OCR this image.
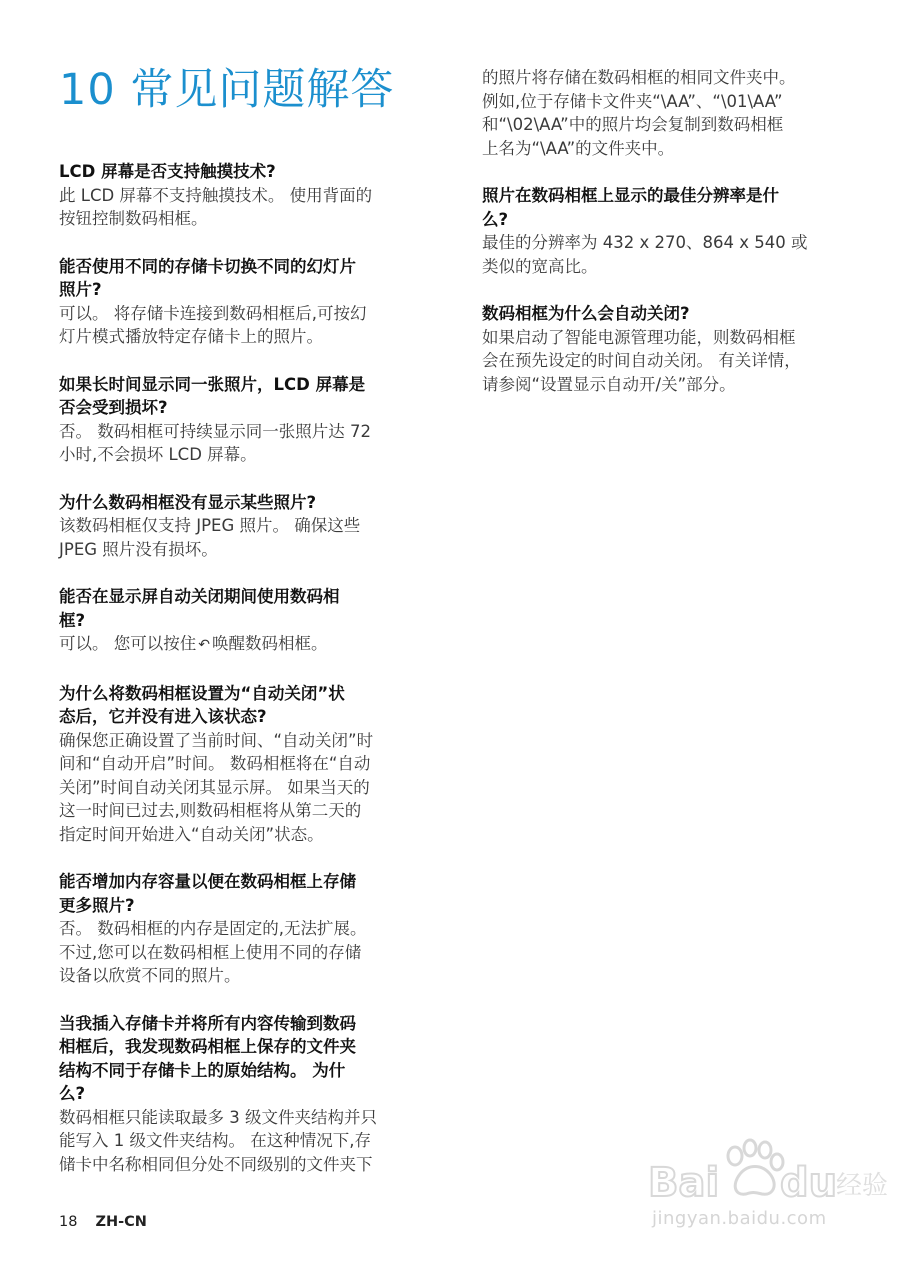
10 常见问题解答

LCD 屏幕是否支持触摸技术?

此 LCD 屏幕不支持触摸技术。 使用背面的
按钮控制数码相框。

能否使用不同的存储卡切换不同的幻灯片
照片?

可以。 将存储卡连接到数码相框后,可按幻
灯片模式播放特定存储卡上的照片。

如果长时间显示同一张照片，LCD 屏幕是
否会受到损坏?

否。 数码相框可持续显示同一张照片达 72
小时,不会损坏 LCD 屏幕。

为什么数码相框没有显示某些照片?

该数码相框仅支持 JPEG 照片。 确保这些
JPEG 照片没有损坏。

能否在显示屏自动关闭期间使用数码相
框?

可以。 您可以按住 ↶ 唤醒数码相框。

为什么将数码相框设置为“自动关闭”状
态后，它并没有进入该状态?

确保您正确设置了当前时间、“自动关闭”时
间和“自动开启”时间。 数码相框将在“自动
关闭”时间自动关闭其显示屏。 如果当天的
这一时间已过去,则数码相框将从第二天的
指定时间开始进入“自动关闭”状态。

能否增加内存容量以便在数码相框上存储
更多照片?

否。 数码相框的内存是固定的,无法扩展。
不过,您可以在数码相框上使用不同的存储
设备以欣赏不同的照片。

当我插入存储卡并将所有内容传输到数码
相框后，我发现数码相框上保存的文件夹
结构不同于存储卡上的原始结构。 为什
么?

数码相框只能读取最多 3 级文件夹结构并只
能写入 1 级文件夹结构。 在这种情况下,存
储卡中名称相同但分处不同级别的文件夹下

的照片将存储在数码相框的相同文件夹中。
例如,位于存储卡文件夹“\AA”、“\01\AA”
和“\02\AA”中的照片均会复制到数码相框
上名为“\AA”的文件夹中。

照片在数码相框上显示的最佳分辨率是什
么?

最佳的分辨率为 432 x 270、864 x 540 或
类似的宽高比。

数码相框为什么会自动关闭?

如果启动了智能电源管理功能，则数码相框
会在预先设定的时间自动关闭。 有关详情，
请参阅“设置显示自动开/关”部分。

18 ZH-CN
Bai du
经验
jingyan.baidu.com
